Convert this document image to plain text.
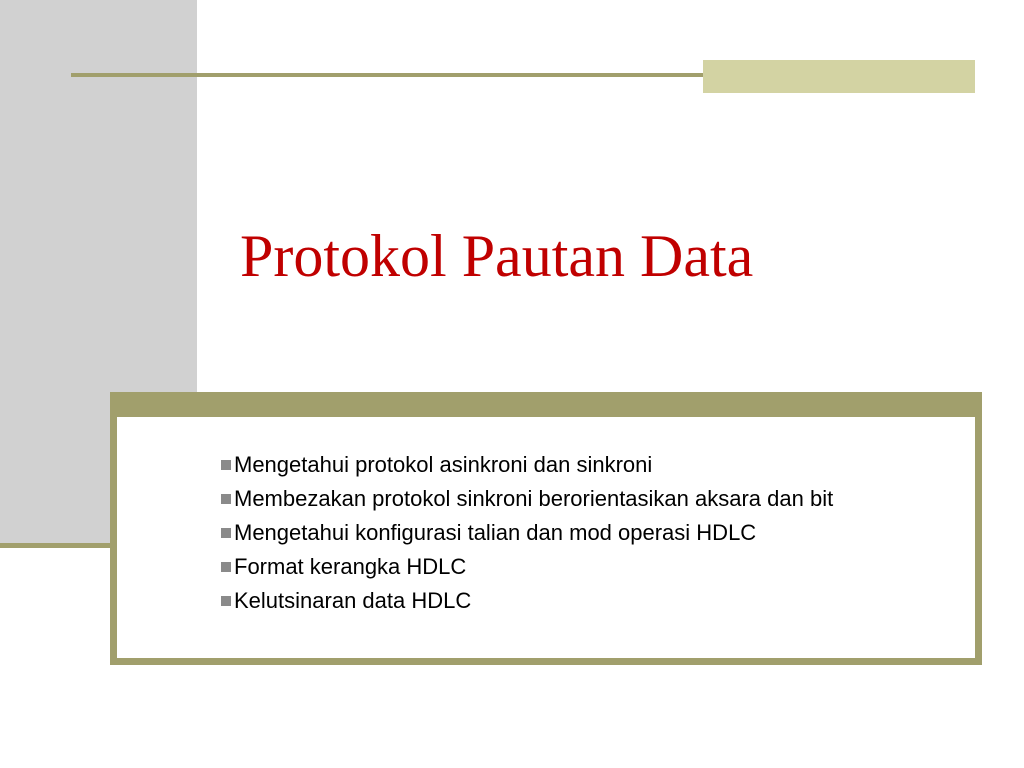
Protokol Pautan Data
Mengetahui protokol asinkroni dan sinkroni
Membezakan protokol sinkroni berorientasikan aksara dan bit
Mengetahui konfigurasi talian dan mod operasi HDLC
Format kerangka HDLC
Kelutsinaran data HDLC
